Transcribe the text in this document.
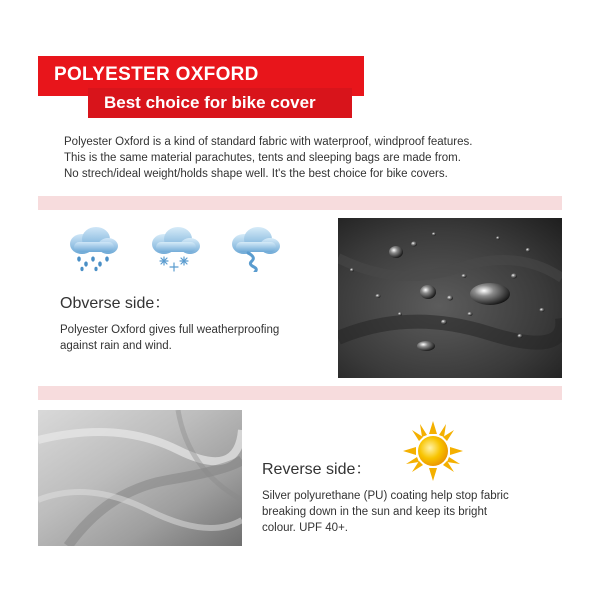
POLYESTER OXFORD
Best choice for bike cover
Polyester Oxford is a kind of standard fabric with waterproof, windproof features.
This is the same material parachutes, tents and sleeping bags are made from.
No strech/ideal weight/holds shape well. It's the best choice for bike covers.
Obverse side：
Polyester Oxford gives full weatherproofing
against rain and wind.
Reverse side：
Silver polyurethane (PU) coating help stop fabric
breaking down in the sun and keep its bright
colour. UPF 40+.
